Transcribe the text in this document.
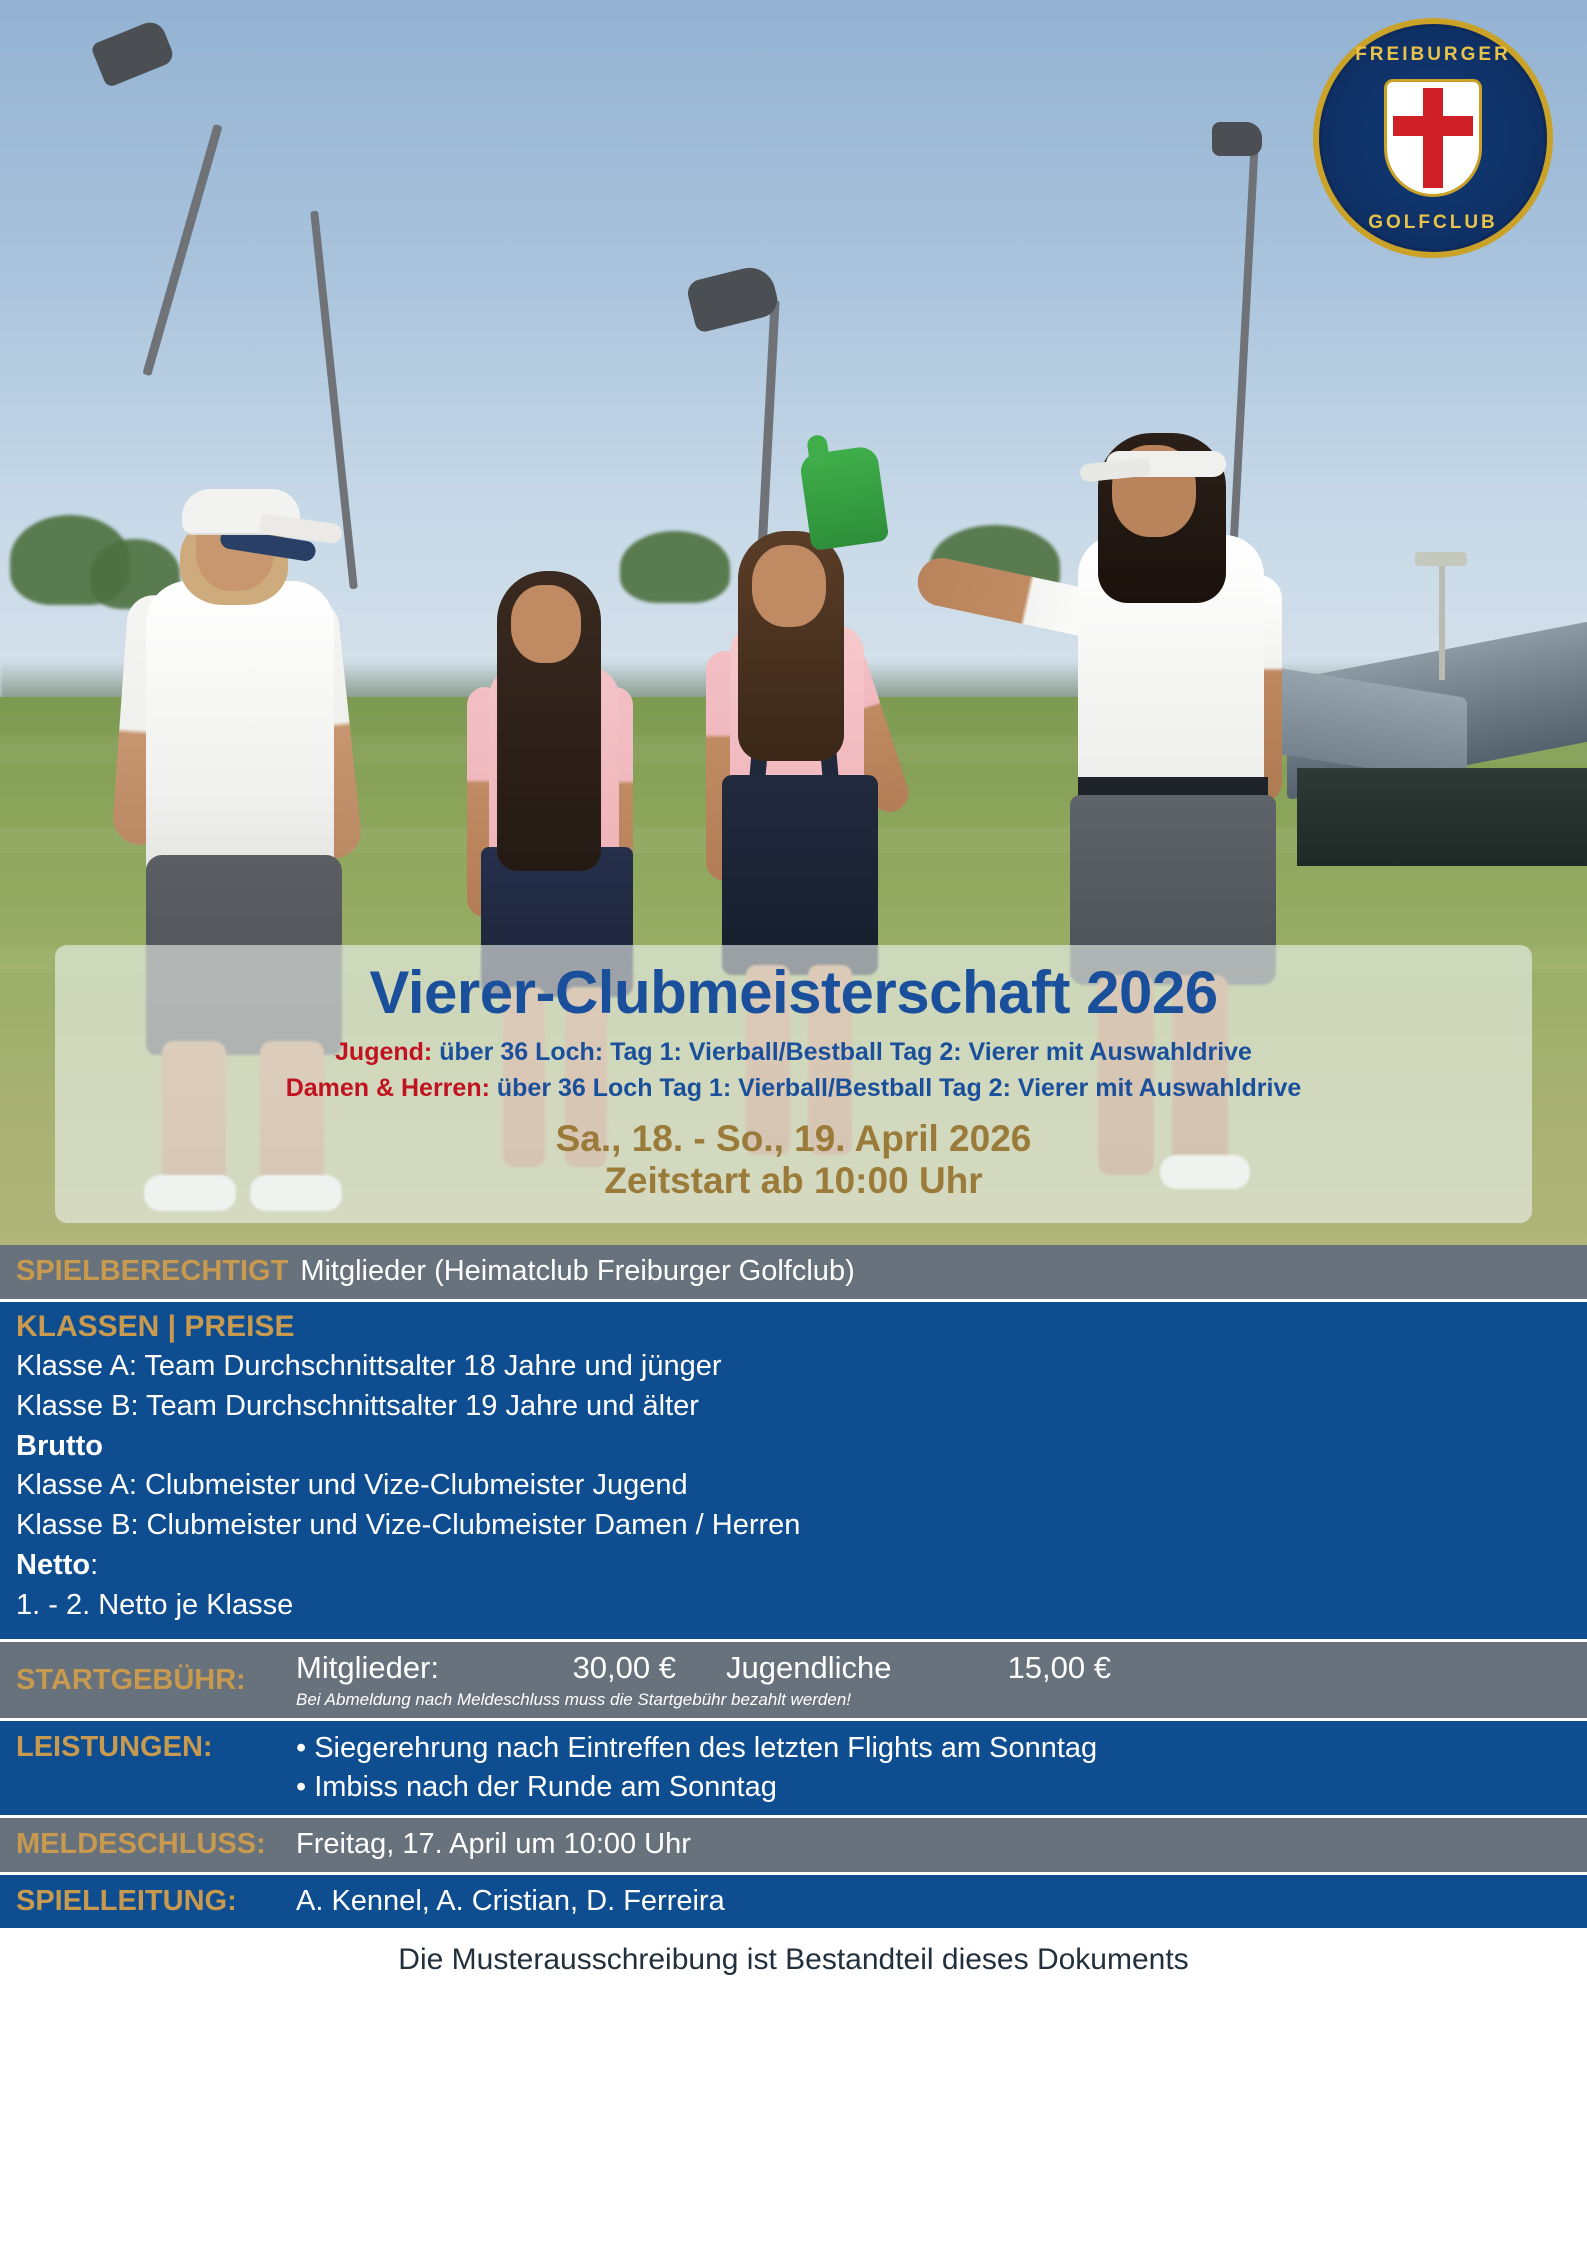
FREIBURGER
GOLFCLUB
Vierer-Clubmeisterschaft 2026
Jugend: über 36 Loch: Tag 1: Vierball/Bestball Tag 2: Vierer mit Auswahldrive
Damen & Herren: über 36 Loch Tag 1: Vierball/Bestball Tag 2: Vierer mit Auswahldrive
Sa., 18. - So., 19. April 2026
Zeitstart ab 10:00 Uhr
SPIELBERECHTIGT Mitglieder (Heimatclub Freiburger Golfclub)
KLASSEN | PREISE
Klasse A: Team Durchschnittsalter 18 Jahre und jünger
Klasse B: Team Durchschnittsalter 19 Jahre und älter
Brutto
Klasse A: Clubmeister und Vize-Clubmeister Jugend
Klasse B: Clubmeister und Vize-Clubmeister Damen / Herren
Netto:
1. - 2. Netto je Klasse
STARTGEBÜHR:	Mitglieder:	30,00 €	Jugendliche	15,00 €
Bei Abmeldung nach Meldeschluss muss die Startgebühr bezahlt werden!
LEISTUNGEN:	• Siegerehrung nach Eintreffen des letzten Flights am Sonntag
• Imbiss nach der Runde am Sonntag
MELDESCHLUSS:	Freitag, 17. April um 10:00 Uhr
SPIELLEITUNG:	A. Kennel, A. Cristian, D. Ferreira
Die Musterausschreibung ist Bestandteil dieses Dokuments
